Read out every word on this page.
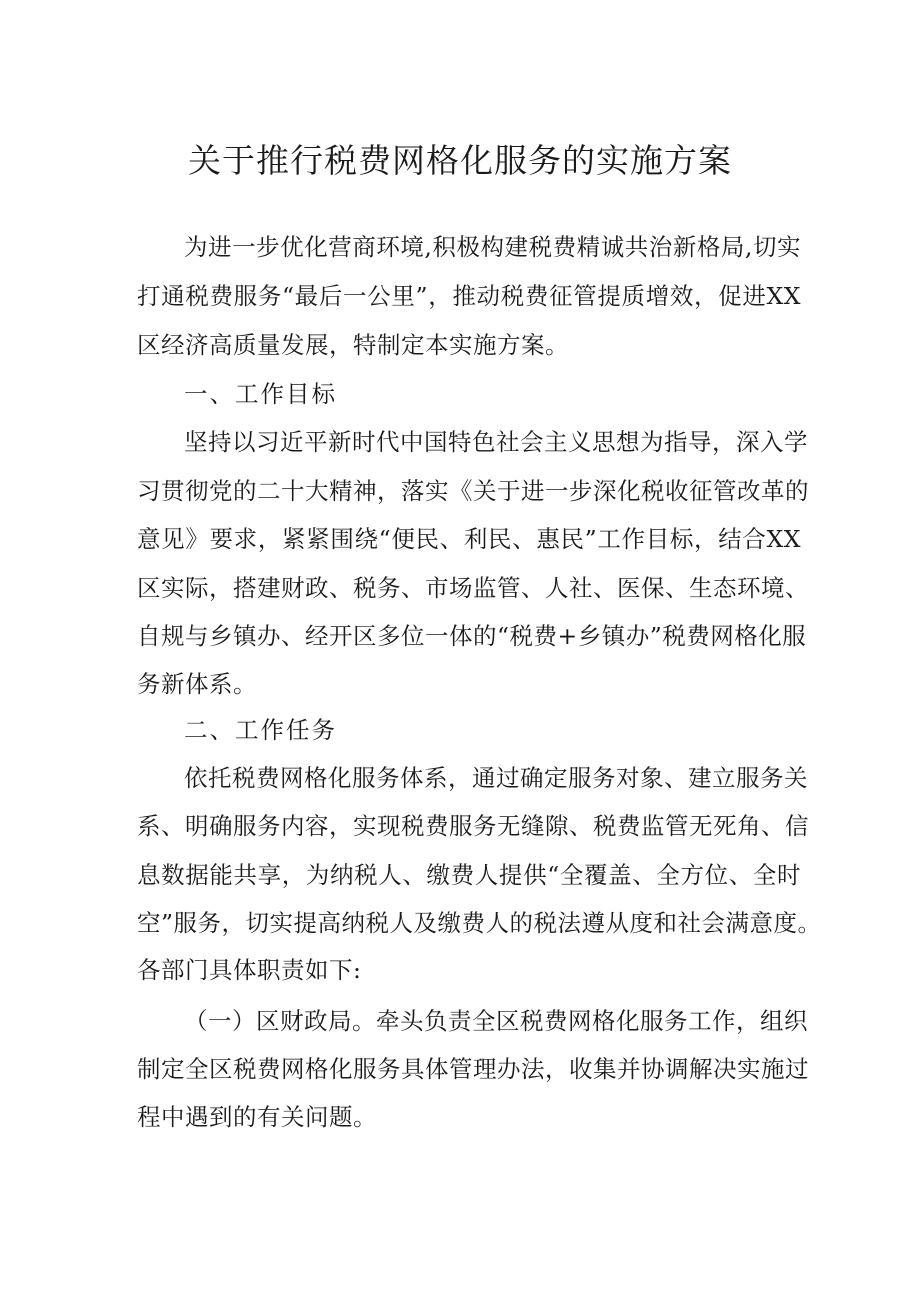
关于推行税费网格化服务的实施方案
为进一步优化营商环境,积极构建税费精诚共治新格局,切实
打通税费服务“最后一公里”，推动税费征管提质增效，促进XX
区经济高质量发展，特制定本实施方案。
一、工作目标
坚持以习近平新时代中国特色社会主义思想为指导，深入学
习贯彻党的二十大精神，落实《关于进一步深化税收征管改革的
意见》要求，紧紧围绕“便民、利民、惠民”工作目标，结合XX
区实际，搭建财政、税务、市场监管、人社、医保、生态环境、
自规与乡镇办、经开区多位一体的“税费+乡镇办”税费网格化服
务新体系。
二、工作任务
依托税费网格化服务体系，通过确定服务对象、建立服务关
系、明确服务内容，实现税费服务无缝隙、税费监管无死角、信
息数据能共享，为纳税人、缴费人提供“全覆盖、全方位、全时
空”服务，切实提高纳税人及缴费人的税法遵从度和社会满意度。
各部门具体职责如下:
（一）区财政局。牵头负责全区税费网格化服务工作，组织
制定全区税费网格化服务具体管理办法，收集并协调解决实施过
程中遇到的有关问题。
